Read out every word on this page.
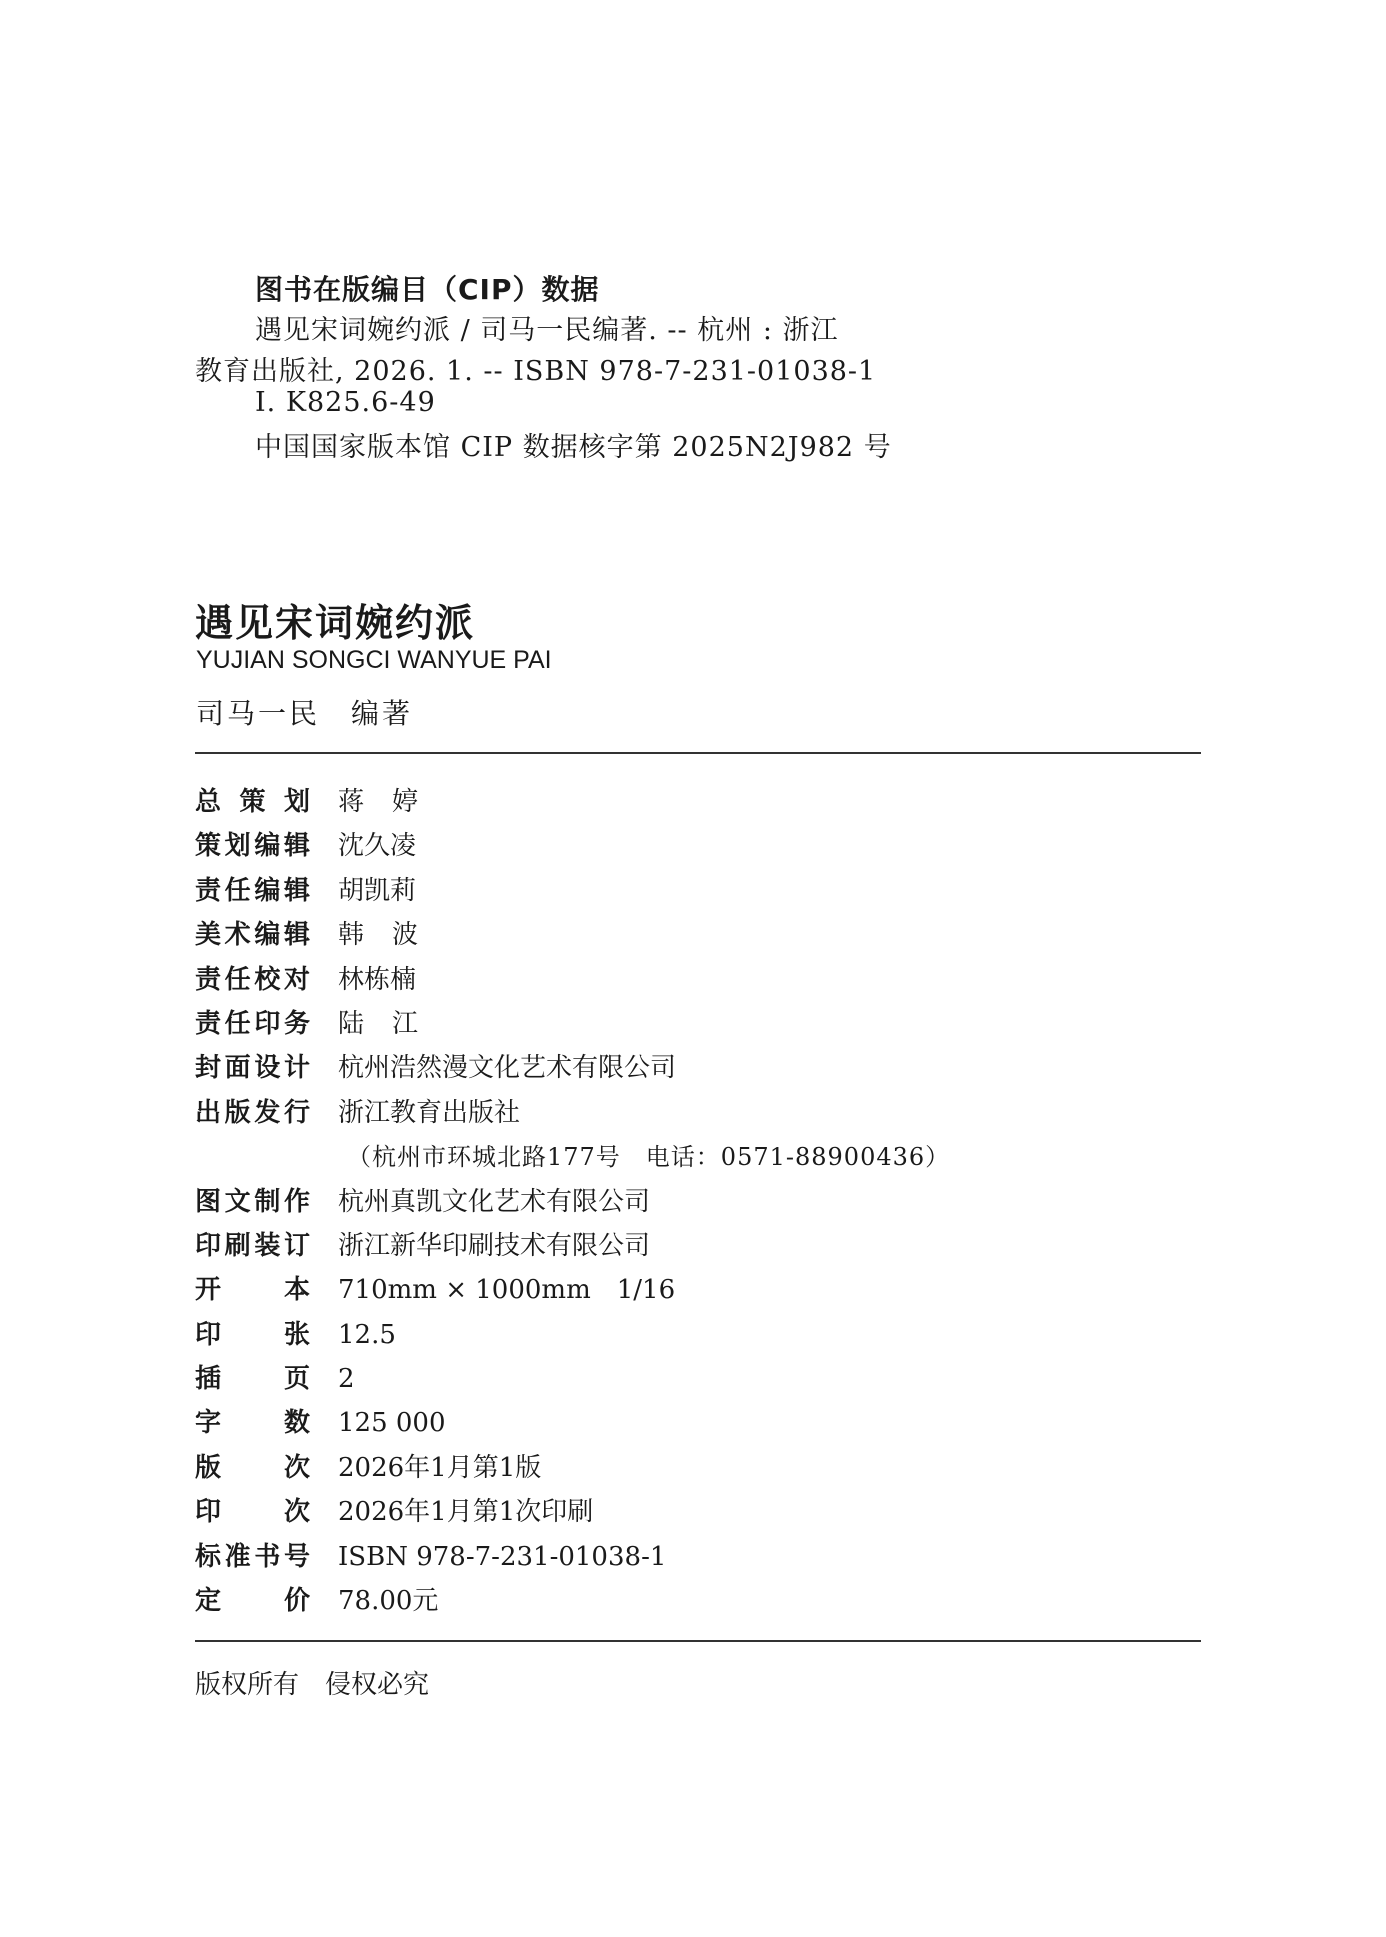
图书在版编目（CIP）数据
遇见宋词婉约派 / 司马一民编著. -- 杭州 : 浙江
教育出版社, 2026. 1. -- ISBN 978-7-231-01038-1
Ⅰ. K825.6-49
中国国家版本馆 CIP 数据核字第 2025N2J982 号
遇见宋词婉约派
YUJIAN SONGCI WANYUE PAI
司马一民　编著
总 策 划 蒋婷
策 划 编 辑 沈久凌
责 任 编 辑 胡凯莉
美 术 编 辑 韩波
责 任 校 对 林栋楠
责 任 印 务 陆江
封 面 设 计 杭州浩然漫文化艺术有限公司
出 版 发 行 浙江教育出版社
（杭州市环城北路177号　电话：0571-88900436）
图 文 制 作 杭州真凯文化艺术有限公司
印 刷 装 订 浙江新华印刷技术有限公司
开 本 710mm × 1000mm　1/16
印 张 12.5
插 页 2
字 数 125 000
版 次 2026年1月第1版
印 次 2026年1月第1次印刷
标 准 书 号 ISBN 978-7-231-01038-1
定 价 78.00元
版权所有　侵权必究
